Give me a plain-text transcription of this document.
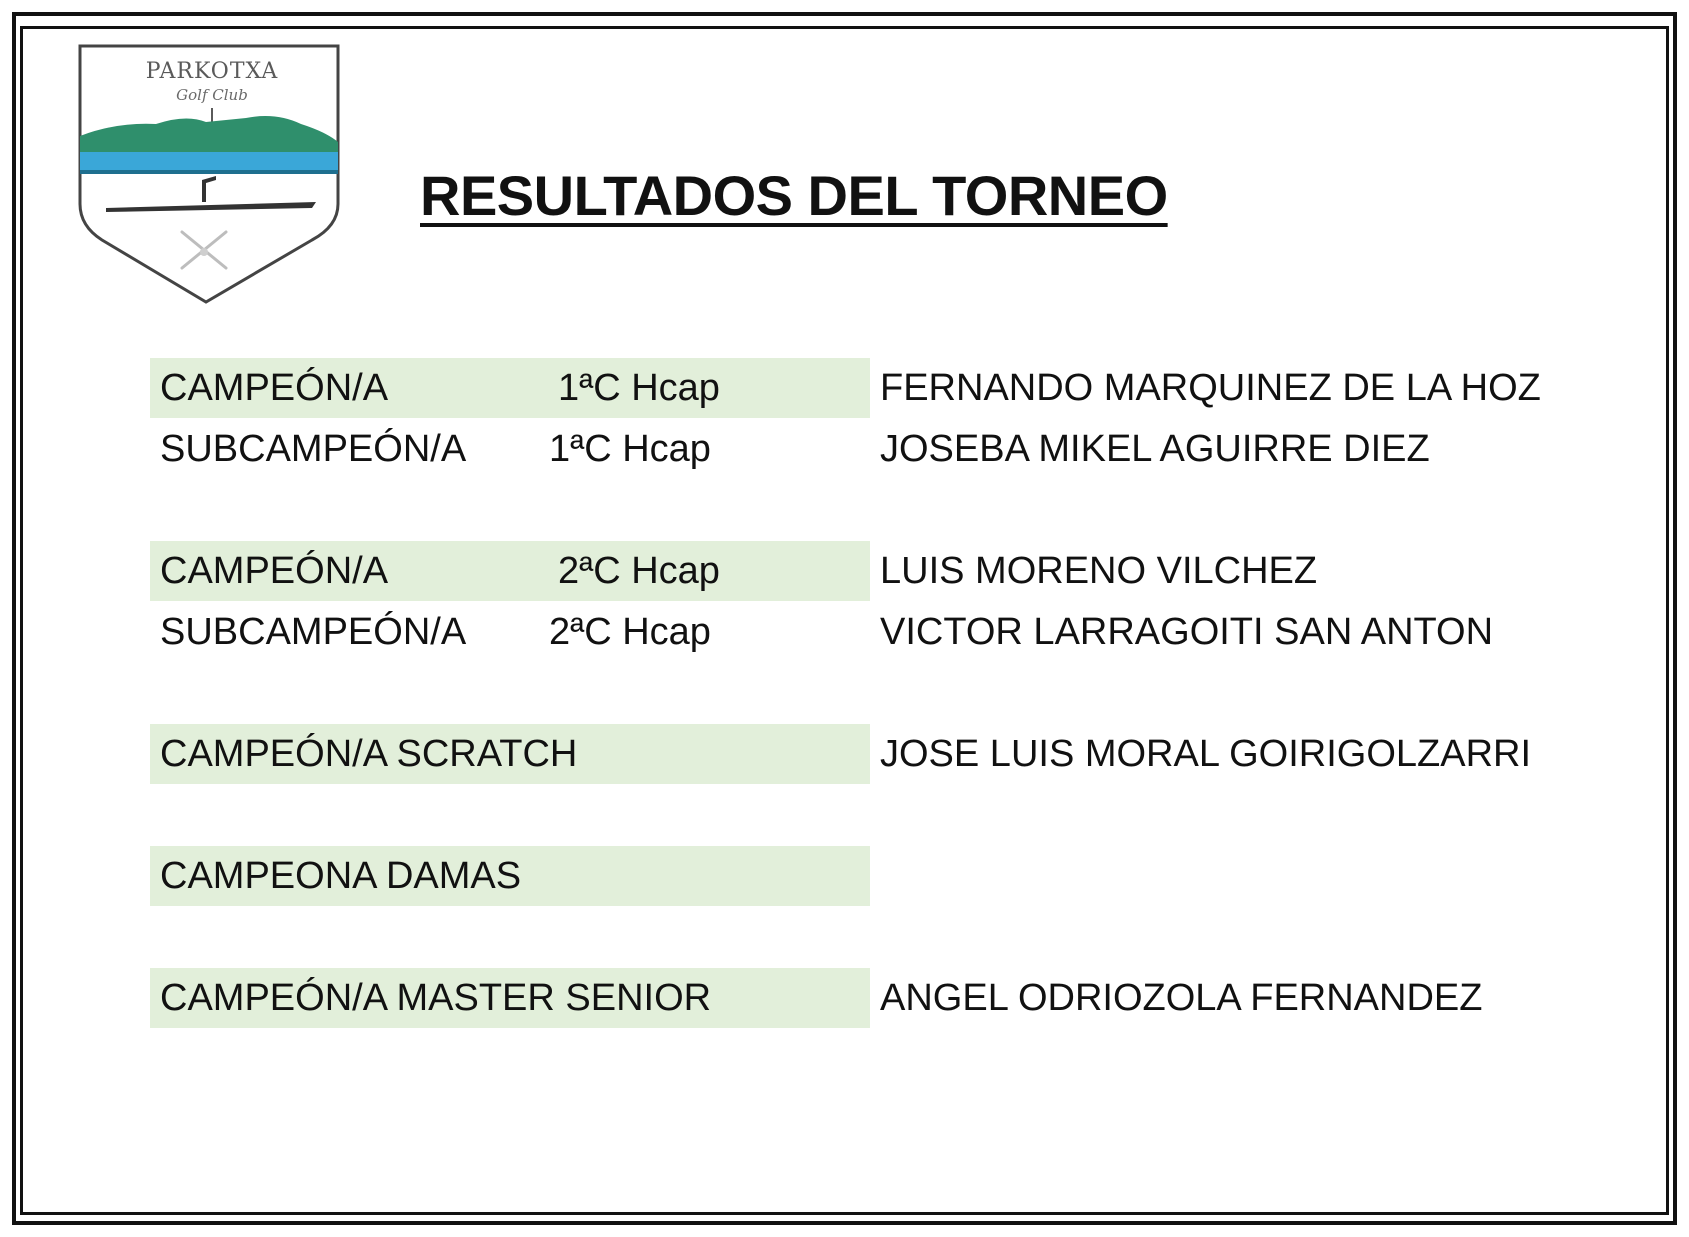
PARKOTXA
Golf Club
RESULTADOS DEL TORNEO
CAMPEÓN/A	1ªC Hcap	FERNANDO MARQUINEZ DE LA HOZ
SUBCAMPEÓN/A 1ªC Hcap	JOSEBA MIKEL AGUIRRE DIEZ
CAMPEÓN/A	2ªC Hcap	LUIS MORENO VILCHEZ
SUBCAMPEÓN/A 2ªC Hcap	VICTOR LARRAGOITI SAN ANTON
CAMPEÓN/A SCRATCH	JOSE LUIS MORAL GOIRIGOLZARRI
CAMPEONA DAMAS
CAMPEÓN/A MASTER SENIOR	ANGEL ODRIOZOLA FERNANDEZ
